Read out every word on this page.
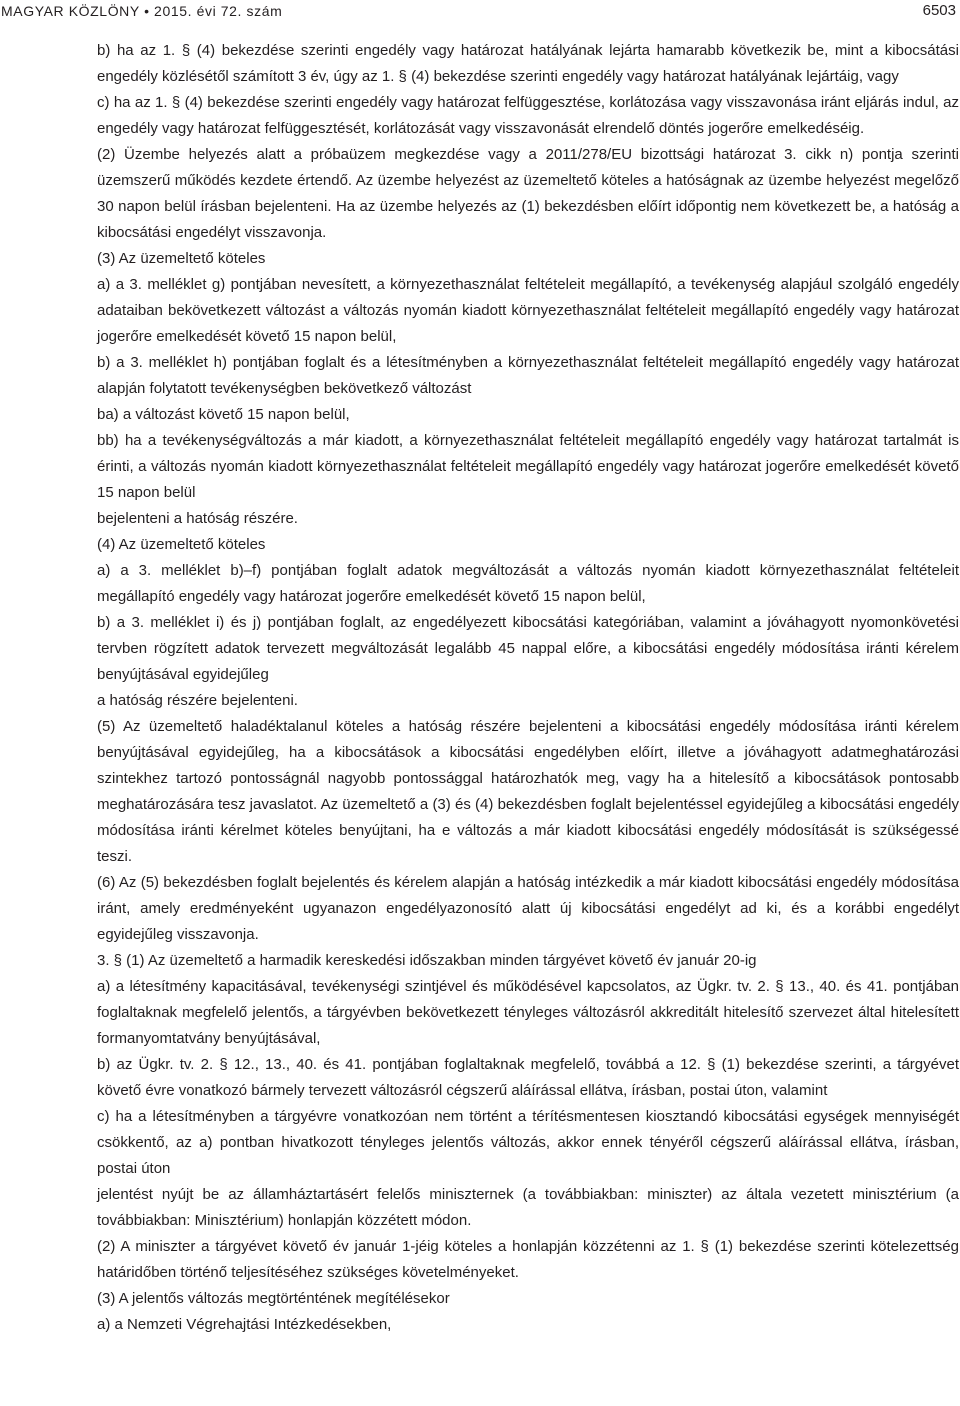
MAGYAR KÖZLÖNY • 2015. évi 72. szám	6503

b) ha az 1. § (4) bekezdése szerinti engedély vagy határozat hatályának lejárta hamarabb következik be, mint a kibocsátási engedély közlésétől számított 3 év, úgy az 1. § (4) bekezdése szerinti engedély vagy határozat hatályának lejártáig, vagy

c) ha az 1. § (4) bekezdése szerinti engedély vagy határozat felfüggesztése, korlátozása vagy visszavonása iránt eljárás indul, az engedély vagy határozat felfüggesztését, korlátozását vagy visszavonását elrendelő döntés jogerőre emelkedéséig.

(2) Üzembe helyezés alatt a próbaüzem megkezdése vagy a 2011/278/EU bizottsági határozat 3. cikk n) pontja szerinti üzemszerű működés kezdete értendő. Az üzembe helyezést az üzemeltető köteles a hatóságnak az üzembe helyezést megelőző 30 napon belül írásban bejelenteni. Ha az üzembe helyezés az (1) bekezdésben előírt időpontig nem következett be, a hatóság a kibocsátási engedélyt visszavonja.

(3) Az üzemeltető köteles

a) a 3. melléklet g) pontjában nevesített, a környezethasználat feltételeit megállapító, a tevékenység alapjául szolgáló engedély adataiban bekövetkezett változást a változás nyomán kiadott környezethasználat feltételeit megállapító engedély vagy határozat jogerőre emelkedését követő 15 napon belül,

b) a 3. melléklet h) pontjában foglalt és a létesítményben a környezethasználat feltételeit megállapító engedély vagy határozat alapján folytatott tevékenységben bekövetkező változást

ba) a változást követő 15 napon belül,

bb) ha a tevékenységváltozás a már kiadott, a környezethasználat feltételeit megállapító engedély vagy határozat tartalmát is érinti, a változás nyomán kiadott környezethasználat feltételeit megállapító engedély vagy határozat jogerőre emelkedését követő 15 napon belül

bejelenteni a hatóság részére.

(4) Az üzemeltető köteles

a) a 3. melléklet b)–f) pontjában foglalt adatok megváltozását a változás nyomán kiadott környezethasználat feltételeit megállapító engedély vagy határozat jogerőre emelkedését követő 15 napon belül,

b) a 3. melléklet i) és j) pontjában foglalt, az engedélyezett kibocsátási kategóriában, valamint a jóváhagyott nyomonkövetési tervben rögzített adatok tervezett megváltozását legalább 45 nappal előre, a kibocsátási engedély módosítása iránti kérelem benyújtásával egyidejűleg

a hatóság részére bejelenteni.

(5) Az üzemeltető haladéktalanul köteles a hatóság részére bejelenteni a kibocsátási engedély módosítása iránti kérelem benyújtásával egyidejűleg, ha a kibocsátások a kibocsátási engedélyben előírt, illetve a jóváhagyott adatmeghatározási szintekhez tartozó pontosságnál nagyobb pontossággal határozhatók meg, vagy ha a hitelesítő a kibocsátások pontosabb meghatározására tesz javaslatot. Az üzemeltető a (3) és (4) bekezdésben foglalt bejelentéssel egyidejűleg a kibocsátási engedély módosítása iránti kérelmet köteles benyújtani, ha e változás a már kiadott kibocsátási engedély módosítását is szükségessé teszi.

(6) Az (5) bekezdésben foglalt bejelentés és kérelem alapján a hatóság intézkedik a már kiadott kibocsátási engedély módosítása iránt, amely eredményeként ugyanazon engedélyazonosító alatt új kibocsátási engedélyt ad ki, és a korábbi engedélyt egyidejűleg visszavonja.

3. § (1) Az üzemeltető a harmadik kereskedési időszakban minden tárgyévet követő év január 20-ig

a) a létesítmény kapacitásával, tevékenységi szintjével és működésével kapcsolatos, az Ügkr. tv. 2. § 13., 40. és 41. pontjában foglaltaknak megfelelő jelentős, a tárgyévben bekövetkezett tényleges változásról akkreditált hitelesítő szervezet által hitelesített formanyomtatvány benyújtásával,

b) az Ügkr. tv. 2. § 12., 13., 40. és 41. pontjában foglaltaknak megfelelő, továbbá a 12. § (1) bekezdése szerinti, a tárgyévet követő évre vonatkozó bármely tervezett változásról cégszerű aláírással ellátva, írásban, postai úton, valamint

c) ha a létesítményben a tárgyévre vonatkozóan nem történt a térítésmentesen kiosztandó kibocsátási egységek mennyiségét csökkentő, az a) pontban hivatkozott tényleges jelentős változás, akkor ennek tényéről cégszerű aláírással ellátva, írásban, postai úton

jelentést nyújt be az államháztartásért felelős miniszternek (a továbbiakban: miniszter) az általa vezetett minisztérium (a továbbiakban: Minisztérium) honlapján közzétett módon.

(2) A miniszter a tárgyévet követő év január 1-jéig köteles a honlapján közzétenni az 1. § (1) bekezdése szerinti kötelezettség határidőben történő teljesítéséhez szükséges követelményeket.

(3) A jelentős változás megtörténtének megítélésekor

a) a Nemzeti Végrehajtási Intézkedésekben,
